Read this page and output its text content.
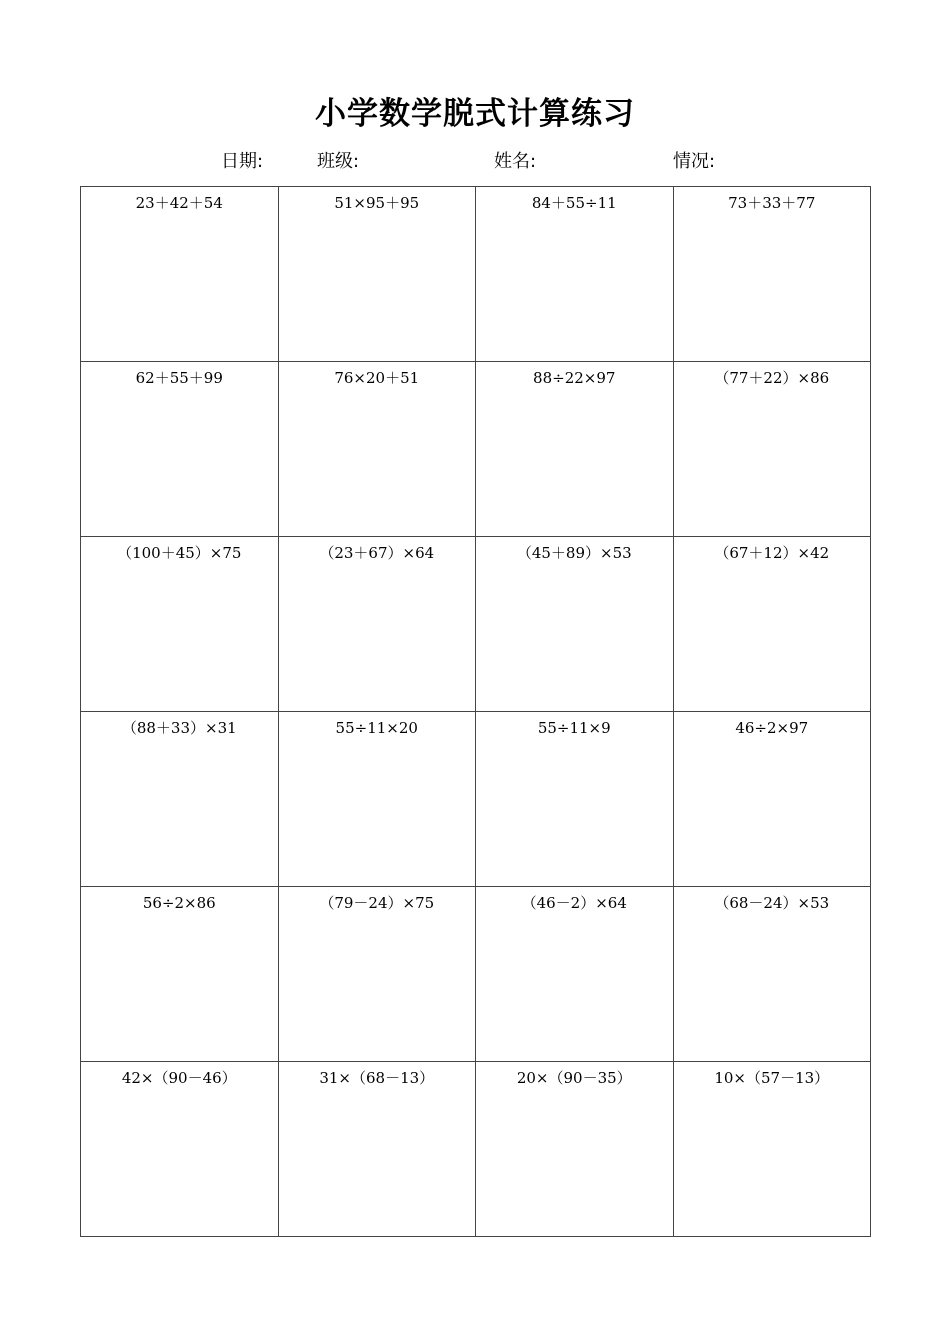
小学数学脱式计算练习
日期:	班级:	姓名:	情况:
23＋42＋54	51×95＋95	84＋55÷11	73＋33＋77
62＋55＋99	76×20＋51	88÷22×97	（77＋22）×86
（100＋45）×75	（23＋67）×64	（45＋89）×53	（67＋12）×42
（88＋33）×31	55÷11×20	55÷11×9	46÷2×97
56÷2×86	（79－24）×75	（46－2）×64	（68－24）×53
42×（90－46）	31×（68－13）	20×（90－35）	10×（57－13）
